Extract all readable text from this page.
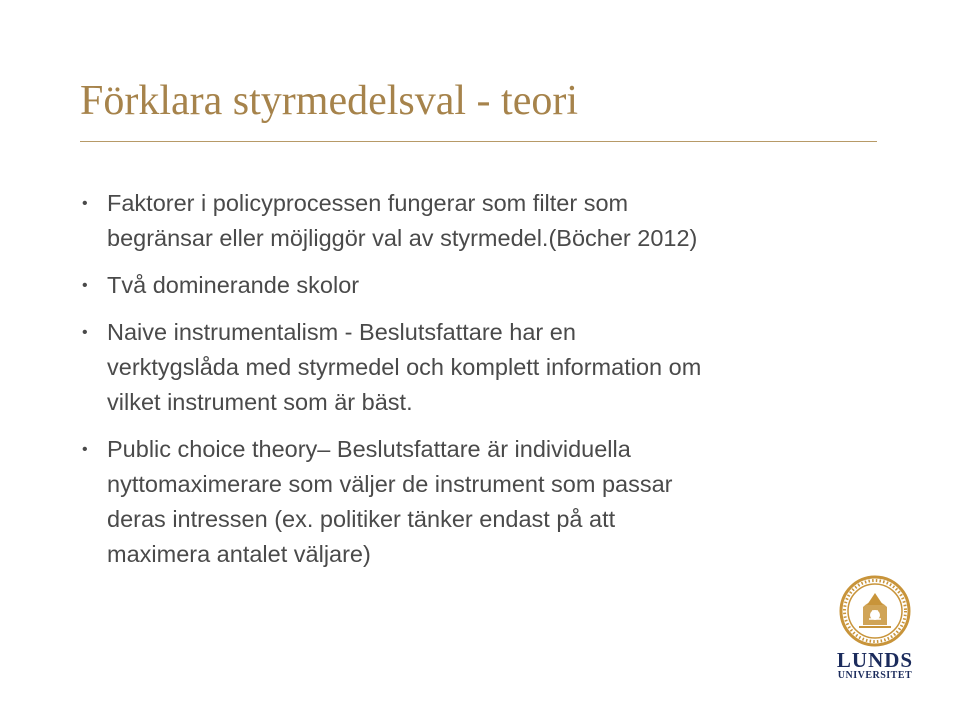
Förklara styrmedelsval - teori
• Faktorer i policyprocessen fungerar som filter som
begränsar eller möjliggör val av styrmedel.(Böcher 2012)
• Två dominerande skolor
• Naive instrumentalism - Beslutsfattare har en
verktygslåda med styrmedel och komplett information om
vilket instrument som är bäst.
• Public choice theory– Beslutsfattare är individuella
nyttomaximerare som väljer de instrument som passar
deras intressen (ex. politiker tänker endast på att
maximera antalet väljare)
LUNDS
UNIVERSITET
